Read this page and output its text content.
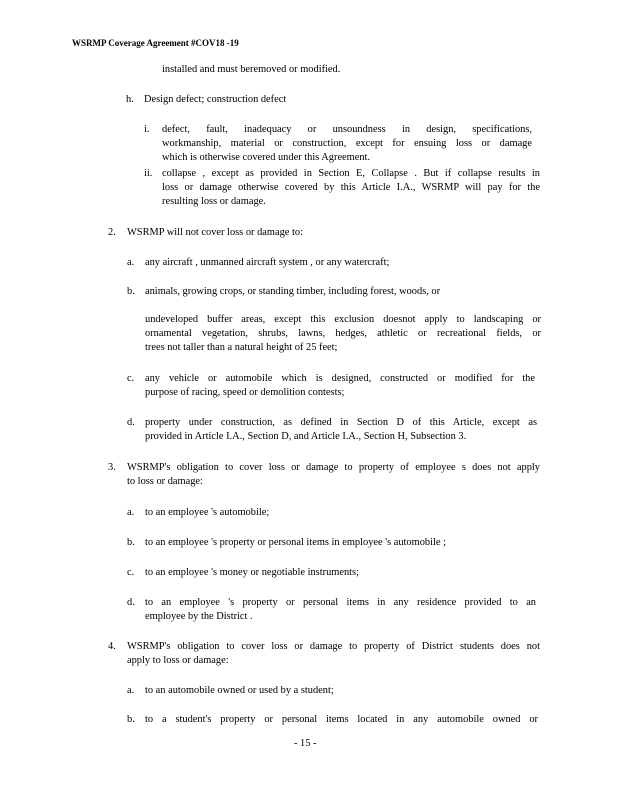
WSRMP Coverage Agreement #COV18 -19
installed and must beremoved or modified.
h. Design defect; construction defect
i. defect, fault, inadequacy or unsoundness in design, specifications,
workmanship, material or construction, except for ensuing loss or damage
which is otherwise covered under this Agreement.
ii. collapse , except as provided in Section E, Collapse . But if collapse results in
loss or damage otherwise covered by this Article I.A., WSRMP will pay for the
resulting loss or damage.
2. WSRMP will not cover loss or damage to:
a. any aircraft , unmanned aircraft system , or any watercraft;
b. animals, growing crops, or standing timber, including forest, woods, or
undeveloped buffer areas, except this exclusion doesnot apply to landscaping or
ornamental vegetation, shrubs, lawns, hedges, athletic or recreational fields, or
trees not taller than a natural height of 25 feet;
c. any vehicle or automobile which is designed, constructed or modified for the
purpose of racing, speed or demolition contests;
d. property under construction, as defined in Section D of this Article, except as
provided in Article I.A., Section D, and Article I.A., Section H, Subsection 3.
3. WSRMP's obligation to cover loss or damage to property of employee s does not apply
to loss or damage:
a. to an employee 's automobile;
b. to an employee 's property or personal items in employee 's automobile ;
c. to an employee 's money or negotiable instruments;
d. to an employee 's property or personal items in any residence provided to an
employee by the District .
4. WSRMP's obligation to cover loss or damage to property of District students does not
apply to loss or damage:
a. to an automobile owned or used by a student;
b. to a student's property or personal items located in any automobile owned or
- 15 -
